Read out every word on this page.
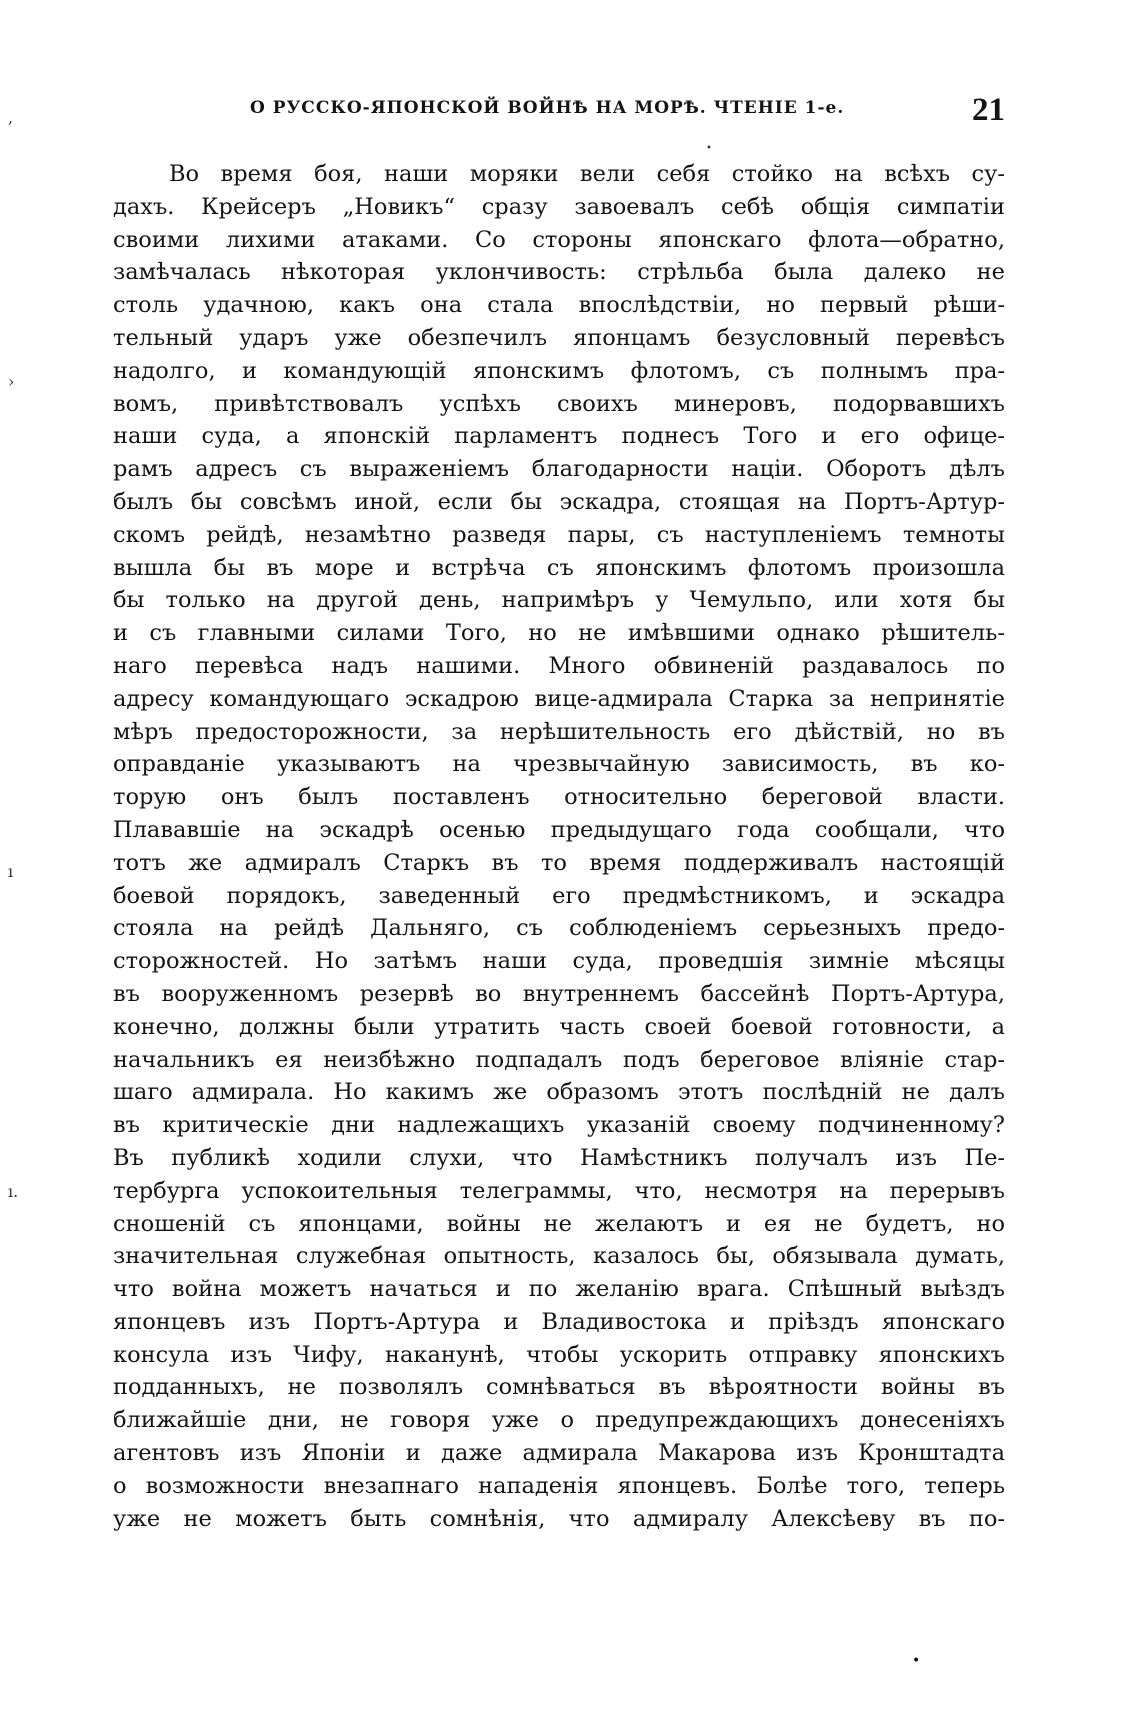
О РУССКО-ЯПОНСКОЙ ВОЙНѢ НА МОРѢ. ЧТЕНІЕ 1-е.	21
Во время боя, наши моряки вели себя стойко на всѣхъ су-
дахъ. Крейсеръ „Новикъ“ сразу завоевалъ себѣ общія симпатіи
своими лихими атаками. Со стороны японскаго флота—обратно,
замѣчалась нѣкоторая уклончивость: стрѣльба была далеко не
столь удачною, какъ она стала впослѣдствіи, но первый рѣши-
тельный ударъ уже обезпечилъ японцамъ безусловный перевѣсъ
надолго, и командующій японскимъ флотомъ, съ полнымъ пра-
вомъ, привѣтствовалъ успѣхъ своихъ минеровъ, подорвавшихъ
наши суда, а японскій парламентъ поднесъ Того и его офице-
рамъ адресъ съ выраженіемъ благодарности націи. Оборотъ дѣлъ
былъ бы совсѣмъ иной, если бы эскадра, стоящая на Портъ-Артур-
скомъ рейдѣ, незамѣтно разведя пары, съ наступленіемъ темноты
вышла бы въ море и встрѣча съ японскимъ флотомъ произошла
бы только на другой день, напримѣръ у Чемульпо, или хотя бы
и съ главными силами Того, но не имѣвшими однако рѣшитель-
наго перевѣса надъ нашими. Много обвиненій раздавалось по
адресу командующаго эскадрою вице-адмирала Старка за непринятіе
мѣръ предосторожности, за нерѣшительность его дѣйствій, но въ
оправданіе указываютъ на чрезвычайную зависимость, въ ко-
торую онъ былъ поставленъ относительно береговой власти.
Плававшіе на эскадрѣ осенью предыдущаго года сообщали, что
тотъ же адмиралъ Старкъ въ то время поддерживалъ настоящій
боевой порядокъ, заведенный его предмѣстникомъ, и эскадра
стояла на рейдѣ Дальняго, съ соблюденіемъ серьезныхъ предо-
сторожностей. Но затѣмъ наши суда, проведшія зимніе мѣсяцы
въ вооруженномъ резервѣ во внутреннемъ бассейнѣ Портъ-Артура,
конечно, должны были утратить часть своей боевой готовности, а
начальникъ ея неизбѣжно подпадалъ подъ береговое вліяніе стар-
шаго адмирала. Но какимъ же образомъ этотъ послѣдній не далъ
въ критическіе дни надлежащихъ указаній своему подчиненному?
Въ публикѣ ходили слухи, что Намѣстникъ получалъ изъ Пе-
тербурга успокоительныя телеграммы, что, несмотря на перерывъ
сношеній съ японцами, войны не желаютъ и ея не будетъ, но
значительная служебная опытность, казалось бы, обязывала думать,
что война можетъ начаться и по желанію врага. Спѣшный выѣздъ
японцевъ изъ Портъ-Артура и Владивостока и пріѣздъ японскаго
консула изъ Чифу, наканунѣ, чтобы ускорить отправку японскихъ
подданныхъ, не позволялъ сомнѣваться въ вѣроятности войны въ
ближайшіе дни, не говоря уже о предупреждающихъ донесеніяхъ
агентовъ изъ Японіи и даже адмирала Макарова изъ Кронштадта
о возможности внезапнаго нападенія японцевъ. Болѣе того, теперь
уже не можетъ быть сомнѣнія, что адмиралу Алексѣеву въ по-
,
›
ı
ı.
•
•
